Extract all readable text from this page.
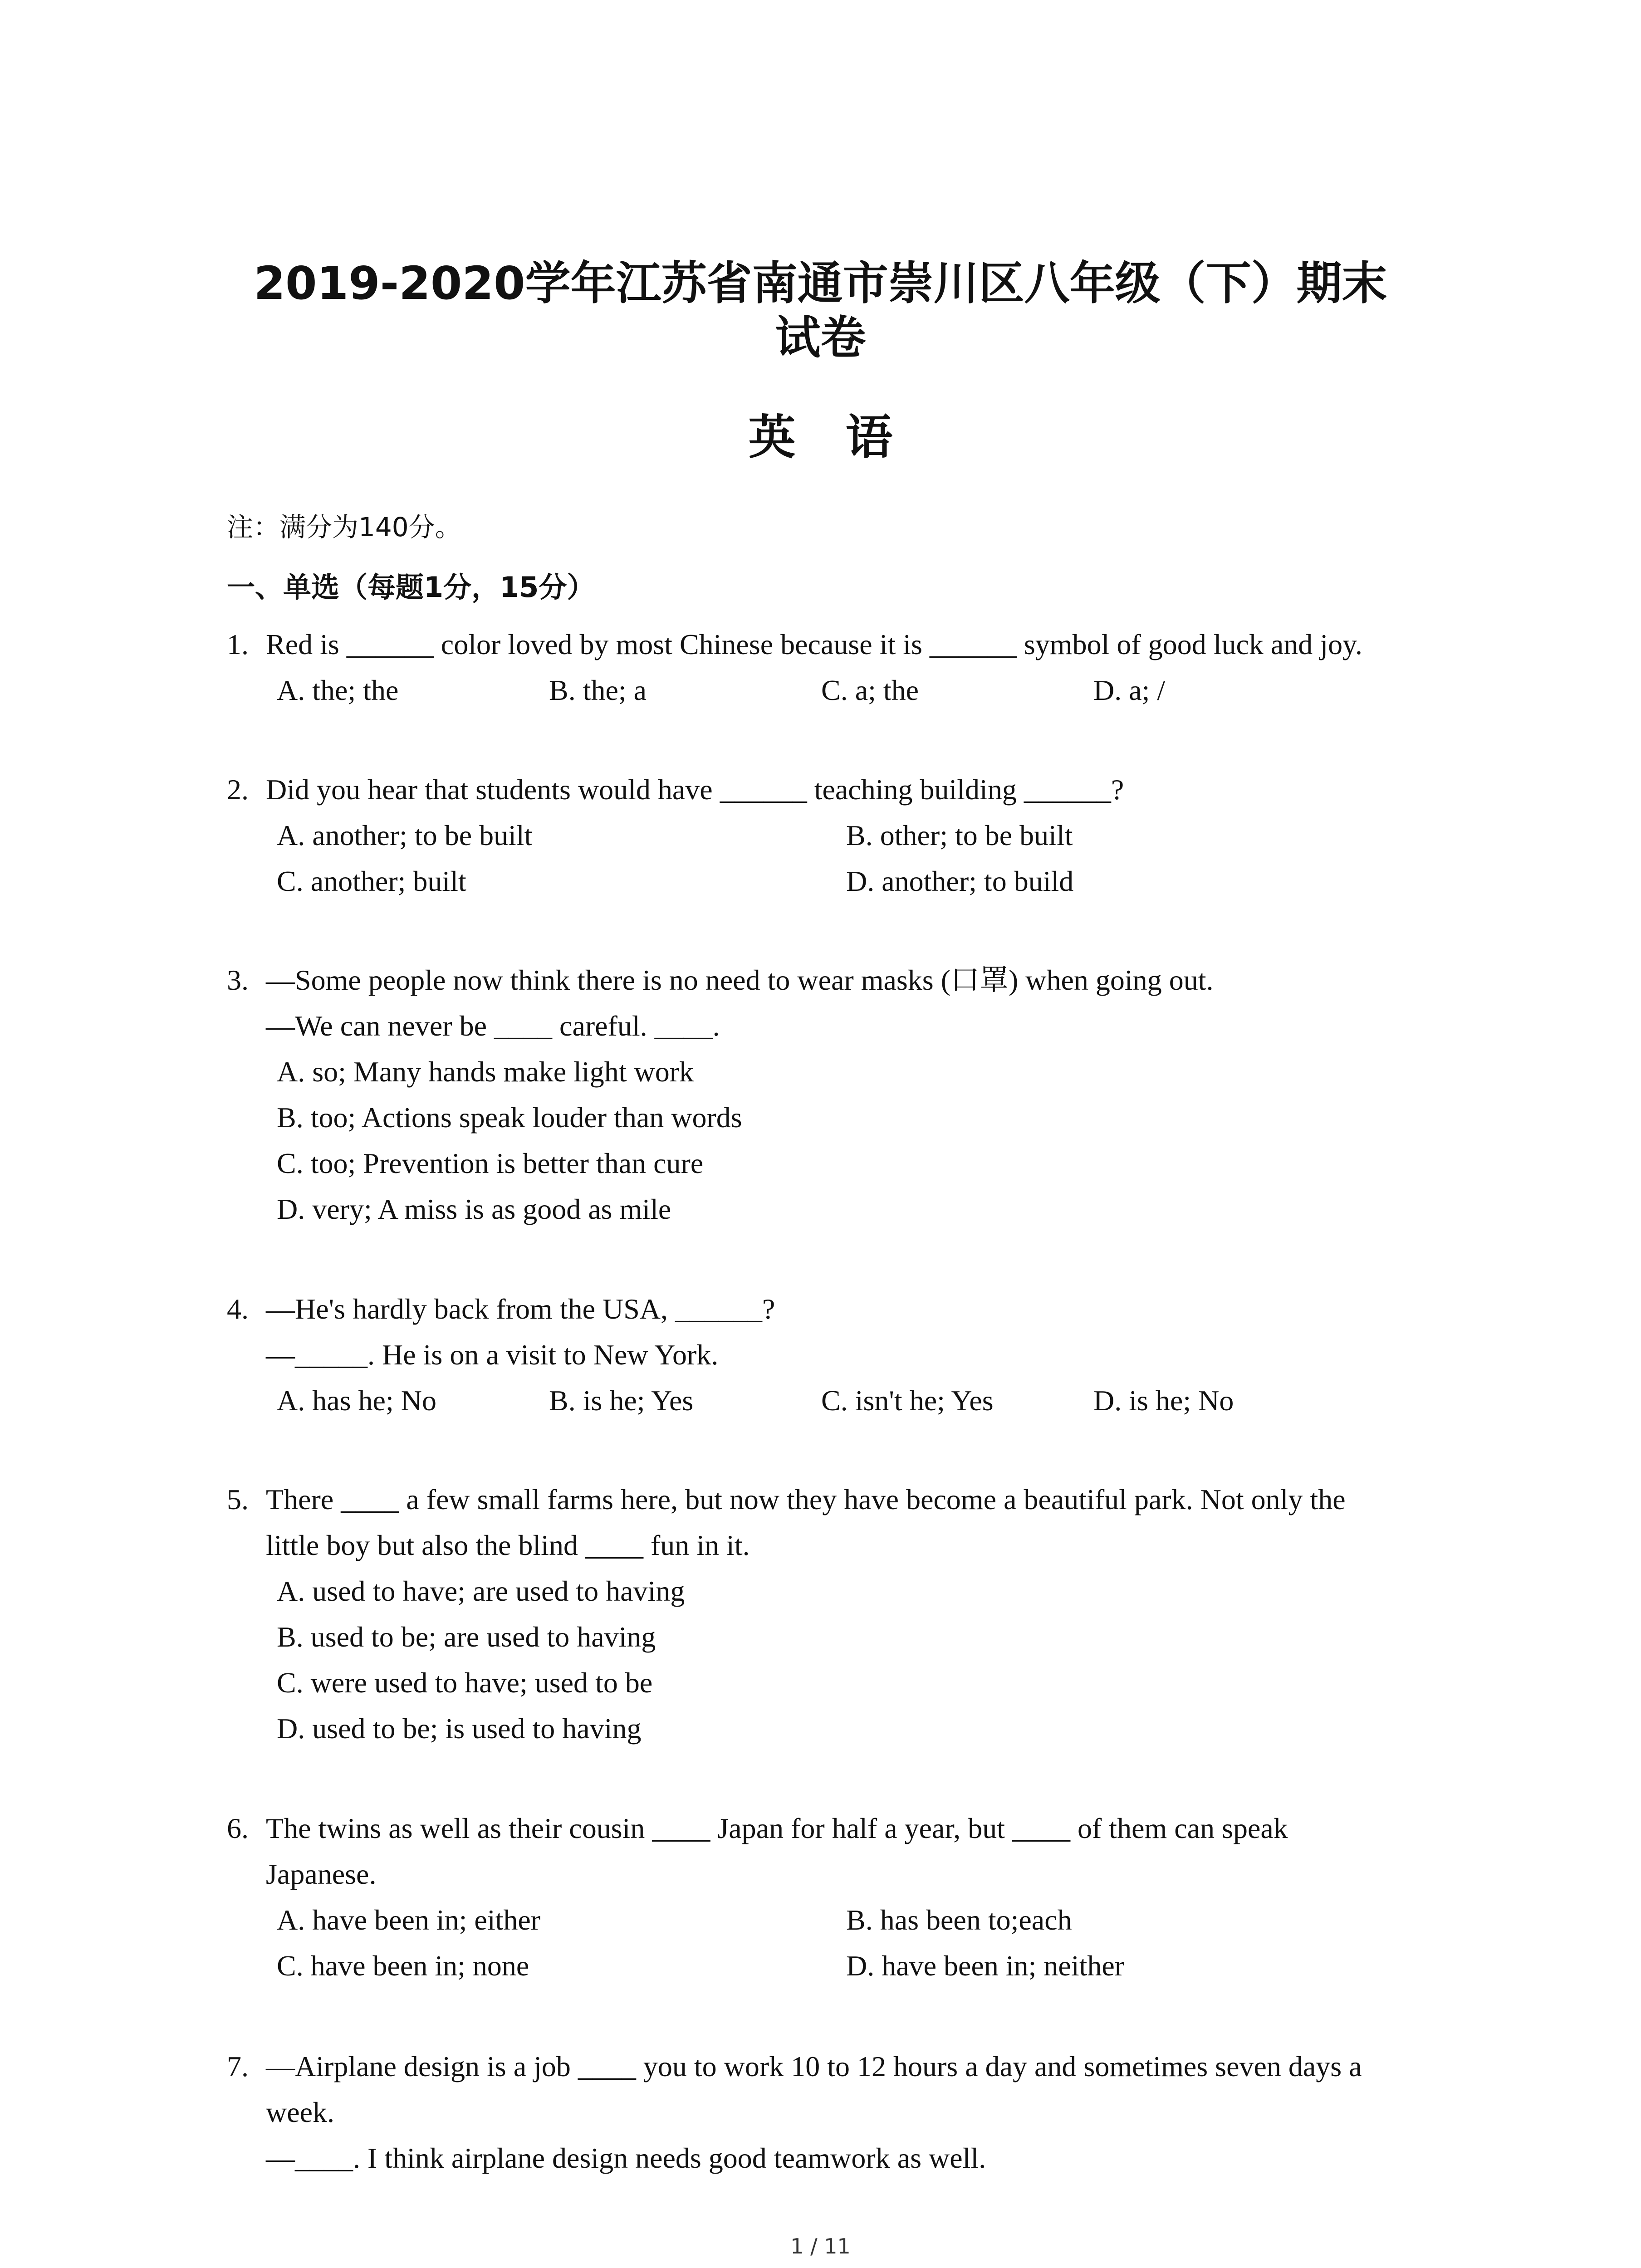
2019-2020学年江苏省南通市崇川区八年级（下）期末
试卷
英语
注：满分为140分。
一、单选（每题1分，15分）
1. Red is ______ color loved by most Chinese because it is ______ symbol of good luck and joy.
A. the; the	B. the; a	C. a; the	D. a; /
2. Did you hear that students would have ______ teaching building ______?
A. another; to be built	B. other; to be built
C. another; built	D. another; to build
3. —Some people now think there is no need to wear masks (口罩) when going out.
—We can never be ____ careful. ____.
A. so; Many hands make light work
B. too; Actions speak louder than words
C. too; Prevention is better than cure
D. very; A miss is as good as mile
4. —He's hardly back from the USA, ______?
—_____. He is on a visit to New York.
A. has he; No	B. is he; Yes	C. isn't he; Yes	D. is he; No
5. There ____ a few small farms here, but now they have become a beautiful park. Not only the
little boy but also the blind ____ fun in it.
A. used to have; are used to having
B. used to be; are used to having
C. were used to have; used to be
D. used to be; is used to having
6. The twins as well as their cousin ____ Japan for half a year, but ____ of them can speak
Japanese.
A. have been in; either	B. has been to;each
C. have been in; none	D. have been in; neither
7. —Airplane design is a job ____ you to work 10 to 12 hours a day and sometimes seven days a
week.
—____. I think airplane design needs good teamwork as well.
1 / 11
